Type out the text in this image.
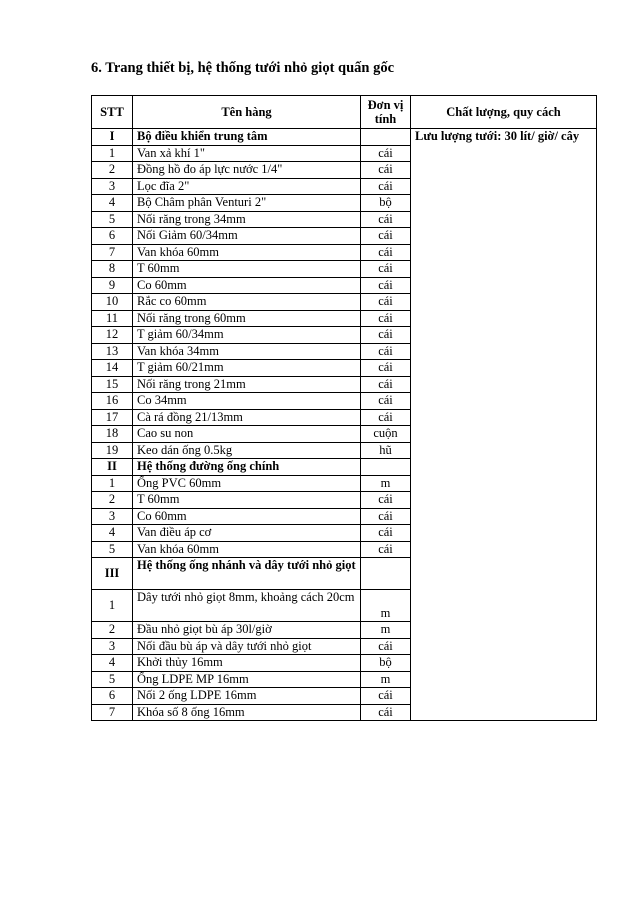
6. Trang thiết bị, hệ thống tưới nhỏ giọt quấn gốc
STT	Tên hàng	Đơn vị tính	Chất lượng, quy cách
I	Bộ điều khiển trung tâm		Lưu lượng tưới: 30 lít/ giờ/ cây
1	Van xả khí 1"	cái	
2	Đồng hồ đo áp lực nước 1/4"	cái	
3	Lọc đĩa 2"	cái	
4	Bộ Châm phân Venturi 2"	bộ	
5	Nối răng trong 34mm	cái	
6	Nối Giảm 60/34mm	cái	
7	Van khóa 60mm	cái	
8	T 60mm	cái	
9	Co 60mm	cái	
10	Rắc co 60mm	cái	
11	Nối răng trong 60mm	cái	
12	T giảm 60/34mm	cái	
13	Van khóa 34mm	cái	
14	T giảm 60/21mm	cái	
15	Nối răng trong 21mm	cái	
16	Co 34mm	cái	
17	Cà rá đồng 21/13mm	cái	
18	Cao su non	cuộn	
19	Keo dán ống 0.5kg	hũ	
II	Hệ thống đường ống chính		
1	Ống PVC 60mm	m	
2	T 60mm	cái	
3	Co 60mm	cái	
4	Van điều áp cơ	cái	
5	Van khóa 60mm	cái	
III	Hệ thống ống nhánh và dây tưới nhỏ giọt		
1	Dây tưới nhỏ giọt 8mm, khoảng cách 20cm	m	
2	Đầu nhỏ giọt bù áp 30l/giờ	m	
3	Nối đầu bù áp và dây tưới nhỏ giọt	cái	
4	Khởi thủy 16mm	bộ	
5	Ống LDPE MP 16mm	m	
6	Nối 2 ống LDPE 16mm	cái	
7	Khóa số 8 ống 16mm	cái	
